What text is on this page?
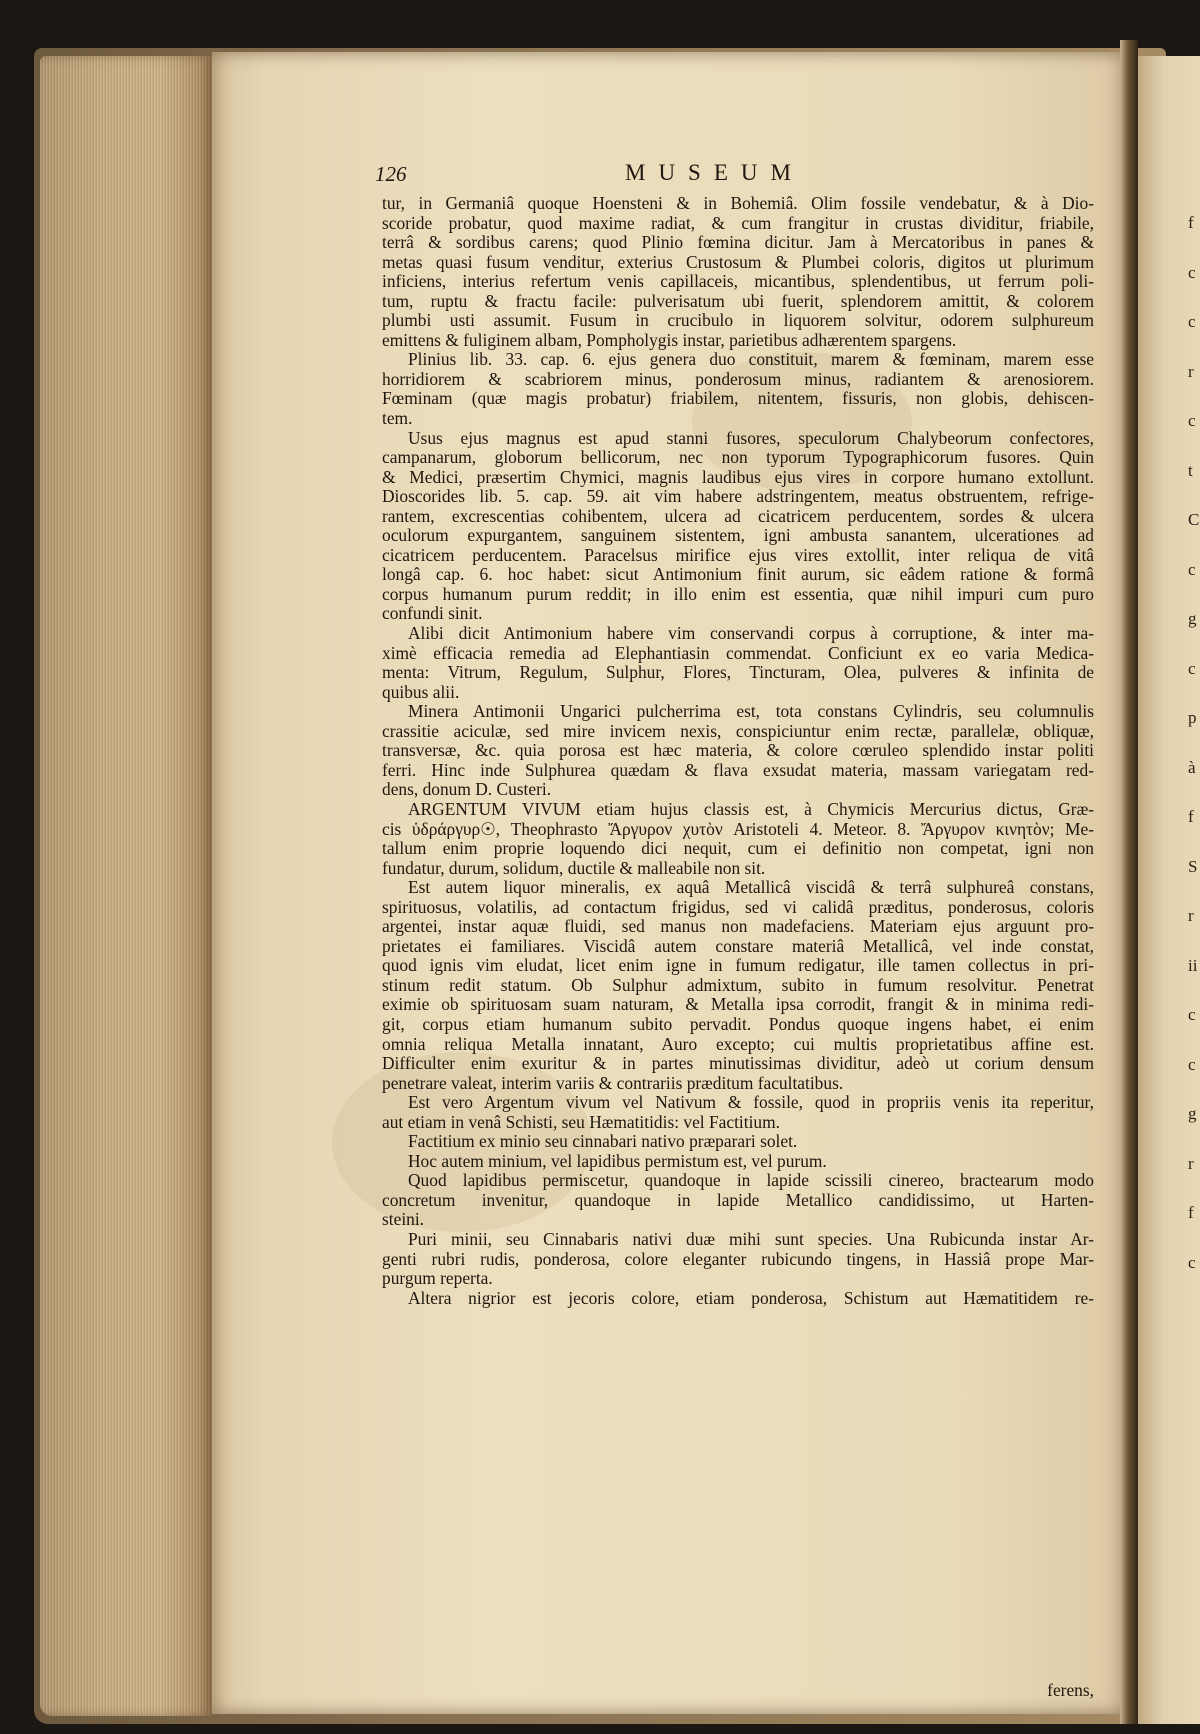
f
c
c
r
c
t
C
c
g
c
p
à
f
S
r
ii
c
c
g
r
f
c
126	MUSEUM
tur, in Germaniâ quoque Hoensteni & in Bohemiâ. Olim fossile vendebatur, & à Dio-
scoride probatur, quod maxime radiat, & cum frangitur in crustas dividitur, friabile,
terrâ & sordibus carens; quod Plinio fœmina dicitur. Jam à Mercatoribus in panes &
metas quasi fusum venditur, exterius Crustosum & Plumbei coloris, digitos ut plurimum
inficiens, interius refertum venis capillaceis, micantibus, splendentibus, ut ferrum poli-
tum, ruptu & fractu facile: pulverisatum ubi fuerit, splendorem amittit, & colorem
plumbi usti assumit. Fusum in crucibulo in liquorem solvitur, odorem sulphureum
emittens & fuliginem albam, Pompholygis instar, parietibus adhærentem spargens.
Plinius lib. 33. cap. 6. ejus genera duo constituit, marem & fœminam, marem esse
horridiorem & scabriorem minus, ponderosum minus, radiantem & arenosiorem.
Fœminam (quæ magis probatur) friabilem, nitentem, fissuris, non globis, dehiscen-
tem.
Usus ejus magnus est apud stanni fusores, speculorum Chalybeorum confectores,
campanarum, globorum bellicorum, nec non typorum Typographicorum fusores. Quin
& Medici, præsertim Chymici, magnis laudibus ejus vires in corpore humano extollunt.
Dioscorides lib. 5. cap. 59. ait vim habere adstringentem, meatus obstruentem, refrige-
rantem, excrescentias cohibentem, ulcera ad cicatricem perducentem, sordes & ulcera
oculorum expurgantem, sanguinem sistentem, igni ambusta sanantem, ulcerationes ad
cicatricem perducentem. Paracelsus mirifice ejus vires extollit, inter reliqua de vitâ
longâ cap. 6. hoc habet: sicut Antimonium finit aurum, sic eâdem ratione & formâ
corpus humanum purum reddit; in illo enim est essentia, quæ nihil impuri cum puro
confundi sinit.
Alibi dicit Antimonium habere vim conservandi corpus à corruptione, & inter ma-
ximè efficacia remedia ad Elephantiasin commendat. Conficiunt ex eo varia Medica-
menta: Vitrum, Regulum, Sulphur, Flores, Tincturam, Olea, pulveres & infinita de
quibus alii.
Minera Antimonii Ungarici pulcherrima est, tota constans Cylindris, seu columnulis
crassitie aciculæ, sed mire invicem nexis, conspiciuntur enim rectæ, parallelæ, obliquæ,
transversæ, &c. quia porosa est hæc materia, & colore cœruleo splendido instar politi
ferri. Hinc inde Sulphurea quædam & flava exsudat materia, massam variegatam red-
dens, donum D. Custeri.
ARGENTUM VIVUM etiam hujus classis est, à Chymicis Mercurius dictus, Græ-
cis ὑδράργυρ☉, Theophrasto Ἄργυρον χυτὸν Aristoteli 4. Meteor. 8. Ἄργυρον κινητὸν; Me-
tallum enim proprie loquendo dici nequit, cum ei definitio non competat, igni non
fundatur, durum, solidum, ductile & malleabile non sit.
Est autem liquor mineralis, ex aquâ Metallicâ viscidâ & terrâ sulphureâ constans,
spirituosus, volatilis, ad contactum frigidus, sed vi calidâ præditus, ponderosus, coloris
argentei, instar aquæ fluidi, sed manus non madefaciens. Materiam ejus arguunt pro-
prietates ei familiares. Viscidâ autem constare materiâ Metallicâ, vel inde constat,
quod ignis vim eludat, licet enim igne in fumum redigatur, ille tamen collectus in pri-
stinum redit statum. Ob Sulphur admixtum, subito in fumum resolvitur. Penetrat
eximie ob spirituosam suam naturam, & Metalla ipsa corrodit, frangit & in minima redi-
git, corpus etiam humanum subito pervadit. Pondus quoque ingens habet, ei enim
omnia reliqua Metalla innatant, Auro excepto; cui multis proprietatibus affine est.
Difficulter enim exuritur & in partes minutissimas dividitur, adeò ut corium densum
penetrare valeat, interim variis & contrariis præditum facultatibus.
Est vero Argentum vivum vel Nativum & fossile, quod in propriis venis ita reperitur,
aut etiam in venâ Schisti, seu Hæmatitidis: vel Factitium.
Factitium ex minio seu cinnabari nativo præparari solet.
Hoc autem minium, vel lapidibus permistum est, vel purum.
Quod lapidibus permiscetur, quandoque in lapide scissili cinereo, bractearum modo
concretum invenitur, quandoque in lapide Metallico candidissimo, ut Harten-
steini.
Puri minii, seu Cinnabaris nativi duæ mihi sunt species. Una Rubicunda instar Ar-
genti rubri rudis, ponderosa, colore eleganter rubicundo tingens, in Hassiâ prope Mar-
purgum reperta.
Altera nigrior est jecoris colore, etiam ponderosa, Schistum aut Hæmatitidem re-
ferens,
